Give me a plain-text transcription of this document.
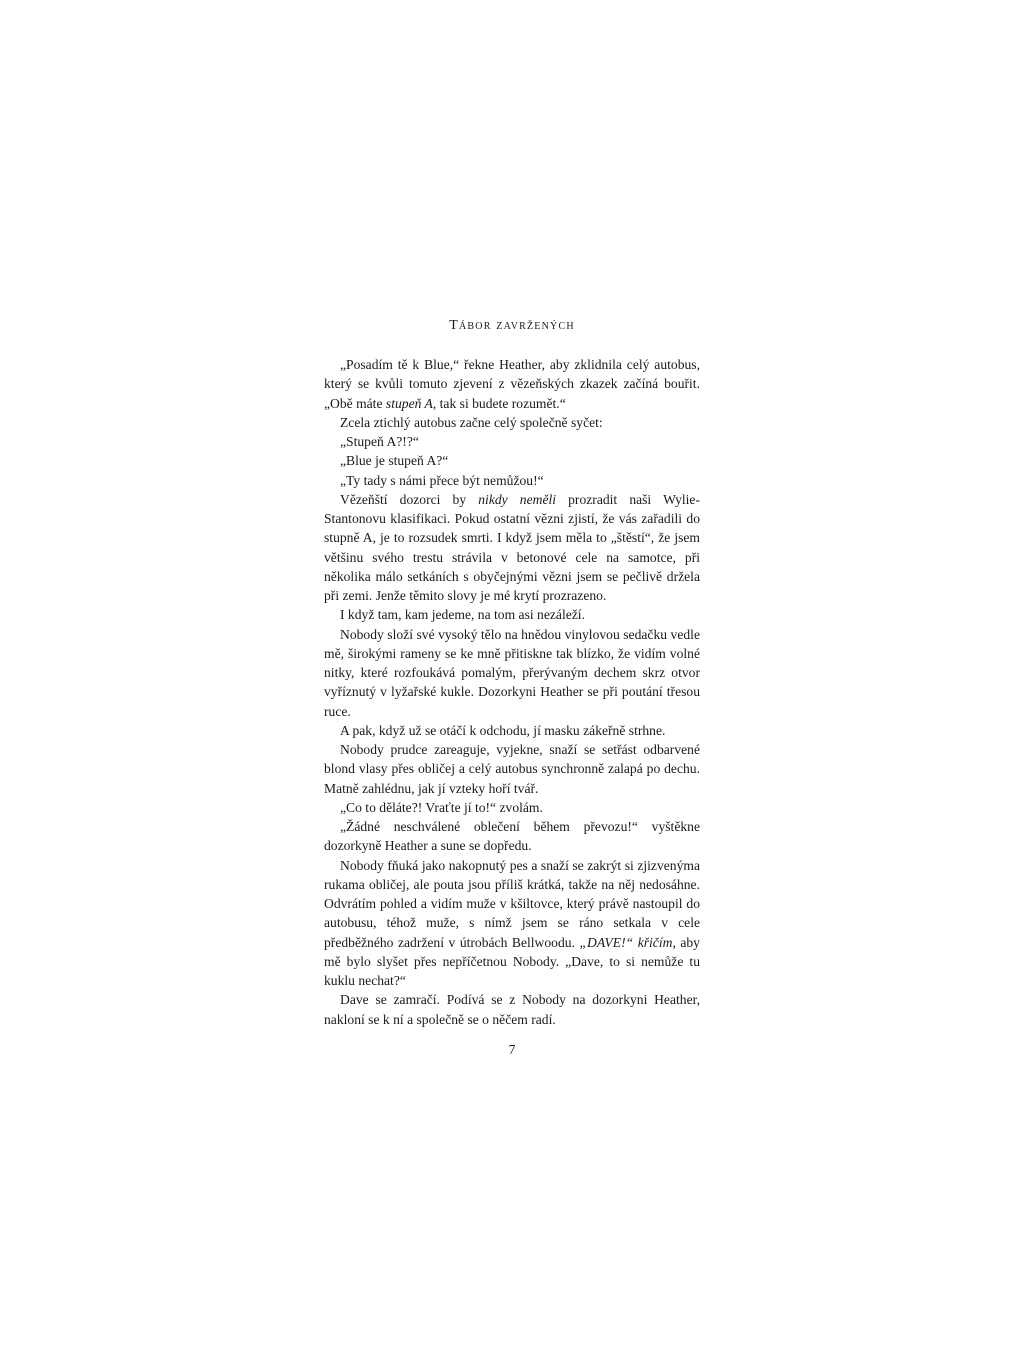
Tábor zavržených

„Posadím tě k Blue,“ řekne Heather, aby zklidnila celý autobus, který se kvůli tomuto zjevení z vězeňských zkazek začíná bouřit. „Obě máte stupeň A, tak si budete rozumět.“

Zcela ztichlý autobus začne celý společně syčet:

„Stupeň A?!?“

„Blue je stupeň A?“

„Ty tady s námi přece být nemůžou!“

Vězeňští dozorci by nikdy neměli prozradit naši Wylie-Stantonovu klasifikaci. Pokud ostatní vězni zjistí, že vás zařadili do stupně A, je to rozsudek smrti. I když jsem měla to „štěstí“, že jsem většinu svého trestu strávila v betonové cele na samotce, při několika málo setkáních s obyčejnými vězni jsem se pečlivě držela při zemi. Jenže těmito slovy je mé krytí prozrazeno.

I když tam, kam jedeme, na tom asi nezáleží.

Nobody složí své vysoký tělo na hnědou vinylovou sedačku vedle mě, širokými rameny se ke mně přitiskne tak blízko, že vidím volné nitky, které rozfoukává pomalým, přerývaným dechem skrz otvor vyříznutý v lyžařské kukle. Dozorkyni Heather se při poutání třesou ruce.

A pak, když už se otáčí k odchodu, jí masku zákeřně strhne.

Nobody prudce zareaguje, vyjekne, snaží se setřást odbarvené blond vlasy přes obličej a celý autobus synchronně zalapá po dechu. Matně zahlédnu, jak jí vzteky hoří tvář.

„Co to děláte?! Vraťte jí to!“ zvolám.

„Žádné neschválené oblečení během převozu!“ vyštěkne dozorkyně Heather a sune se dopředu.

Nobody fňuká jako nakopnutý pes a snaží se zakrýt si zjizvenýma rukama obličej, ale pouta jsou příliš krátká, takže na něj nedosáhne. Odvrátím pohled a vidím muže v kšiltovce, který právě nastoupil do autobusu, téhož muže, s nímž jsem se ráno setkala v cele předběžného zadržení v útrobách Bellwoodu. „DAVE!“ křičím, aby mě bylo slyšet přes nepříčetnou Nobody. „Dave, to si nemůže tu kuklu nechat?“

Dave se zamračí. Podívá se z Nobody na dozorkyni Heather, nakloní se k ní a společně se o něčem radí.

7
